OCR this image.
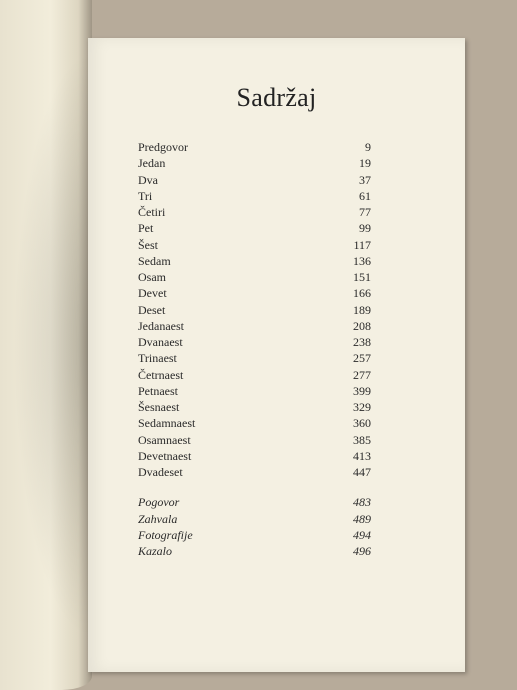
Sadržaj
Predgovor	9
Jedan	19
Dva	37
Tri	61
Četiri	77
Pet	99
Šest	117
Sedam	136
Osam	151
Devet	166
Deset	189
Jedanaest	208
Dvanaest	238
Trinaest	257
Četrnaest	277
Petnaest	399
Šesnaest	329
Sedamnaest	360
Osamnaest	385
Devetnaest	413
Dvadeset	447
Pogovor	483
Zahvala	489
Fotografije	494
Kazalo	496
